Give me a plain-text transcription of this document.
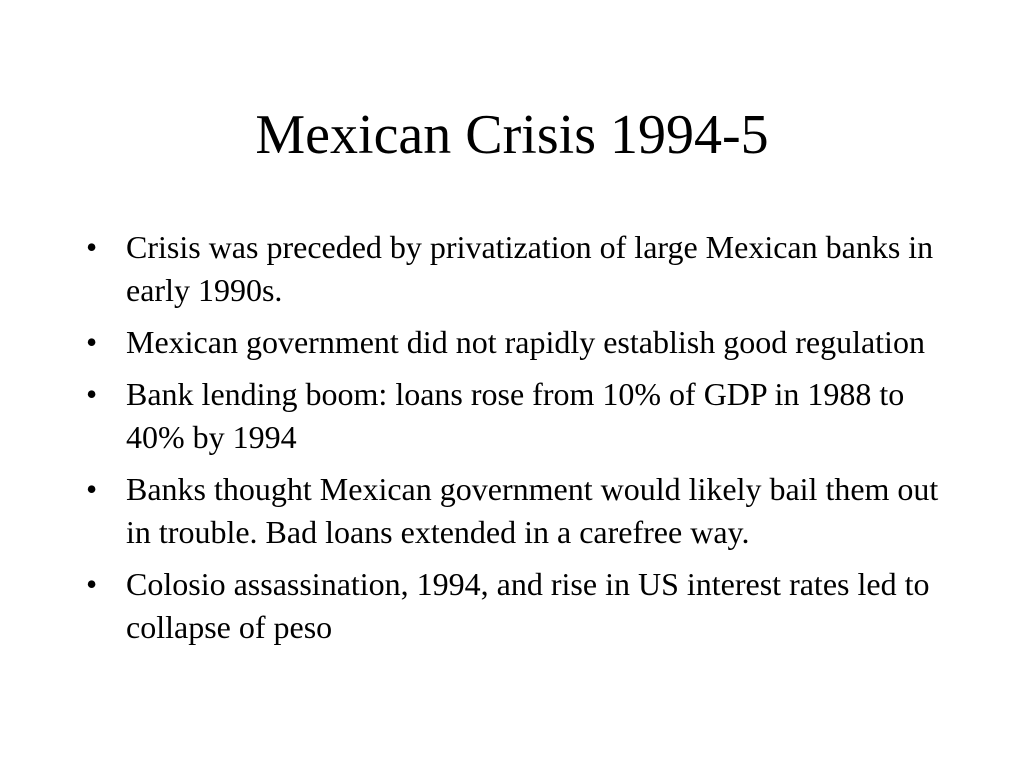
Mexican Crisis 1994-5
• Crisis was preceded by privatization of large Mexican banks in early 1990s.
• Mexican government did not rapidly establish good regulation
• Bank lending boom: loans rose from 10% of GDP in 1988 to 40% by 1994
• Banks thought Mexican government would likely bail them out in trouble. Bad loans extended in a carefree way.
• Colosio assassination, 1994, and rise in US interest rates led to collapse of peso
